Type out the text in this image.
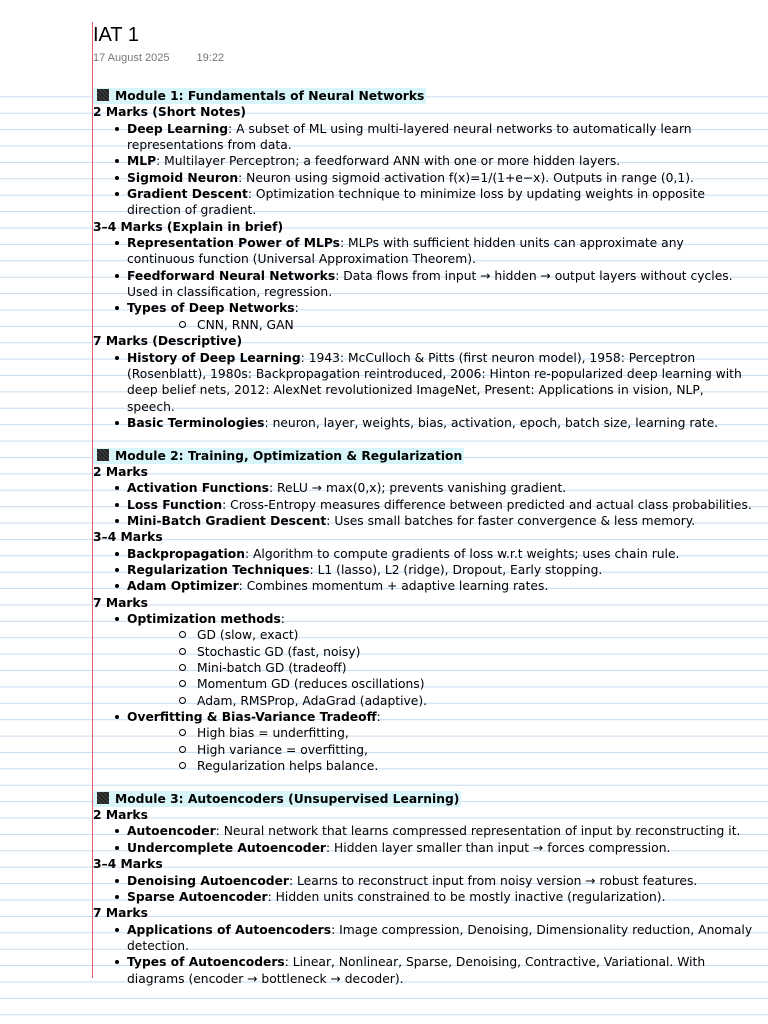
IAT 1
17 August 2025 19:22
Module 1: Fundamentals of Neural Networks
2 Marks (Short Notes)
Deep Learning: A subset of ML using multi-layered neural networks to automatically learn representations from data.
MLP: Multilayer Perceptron; a feedforward ANN with one or more hidden layers.
Sigmoid Neuron: Neuron using sigmoid activation f(x)=1/(1+e−x). Outputs in range (0,1).
Gradient Descent: Optimization technique to minimize loss by updating weights in opposite direction of gradient.
3–4 Marks (Explain in brief)
Representation Power of MLPs: MLPs with sufficient hidden units can approximate any continuous function (Universal Approximation Theorem).
Feedforward Neural Networks: Data flows from input → hidden → output layers without cycles. Used in classification, regression.
Types of Deep Networks:
CNN, RNN, GAN
7 Marks (Descriptive)
History of Deep Learning: 1943: McCulloch & Pitts (first neuron model), 1958: Perceptron (Rosenblatt), 1980s: Backpropagation reintroduced, 2006: Hinton re-popularized deep learning with deep belief nets, 2012: AlexNet revolutionized ImageNet, Present: Applications in vision, NLP, speech.
Basic Terminologies: neuron, layer, weights, bias, activation, epoch, batch size, learning rate.
Module 2: Training, Optimization & Regularization
2 Marks
Activation Functions: ReLU → max(0,x); prevents vanishing gradient.
Loss Function: Cross-Entropy measures difference between predicted and actual class probabilities.
Mini-Batch Gradient Descent: Uses small batches for faster convergence & less memory.
3–4 Marks
Backpropagation: Algorithm to compute gradients of loss w.r.t weights; uses chain rule.
Regularization Techniques: L1 (lasso), L2 (ridge), Dropout, Early stopping.
Adam Optimizer: Combines momentum + adaptive learning rates.
7 Marks
Optimization methods:
GD (slow, exact)
Stochastic GD (fast, noisy)
Mini-batch GD (tradeoff)
Momentum GD (reduces oscillations)
Adam, RMSProp, AdaGrad (adaptive).
Overfitting & Bias-Variance Tradeoff:
High bias = underfitting,
High variance = overfitting,
Regularization helps balance.
Module 3: Autoencoders (Unsupervised Learning)
2 Marks
Autoencoder: Neural network that learns compressed representation of input by reconstructing it.
Undercomplete Autoencoder: Hidden layer smaller than input → forces compression.
3–4 Marks
Denoising Autoencoder: Learns to reconstruct input from noisy version → robust features.
Sparse Autoencoder: Hidden units constrained to be mostly inactive (regularization).
7 Marks
Applications of Autoencoders: Image compression, Denoising, Dimensionality reduction, Anomaly detection.
Types of Autoencoders: Linear, Nonlinear, Sparse, Denoising, Contractive, Variational. With diagrams (encoder → bottleneck → decoder).
